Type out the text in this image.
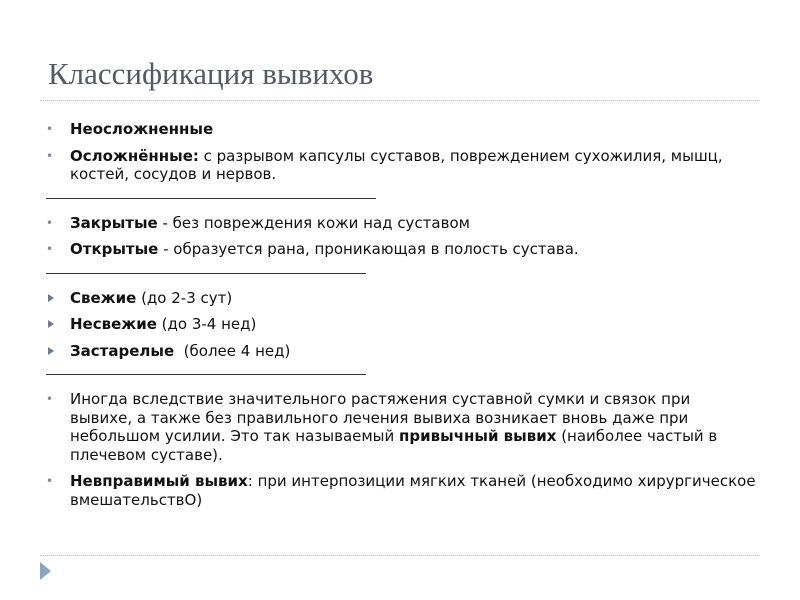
Классификация вывихов
• Неосложненные
• Осложнённые: с разрывом капсулы суставов, повреждением сухожилия, мышц, костей, сосудов и нервов.
• Закрытые - без повреждения кожи над суставом
• Открытые - образуется рана, проникающая в полость сустава.
Свежие (до 2-3 сут)
Несвежие (до 3-4 нед)
Застарелые  (более 4 нед)
• Иногда вследствие значительного растяжения суставной сумки и связок при вывихе, а также без правильного лечения вывиха возникает вновь даже при небольшом усилии. Это так называемый привычный вывих (наиболее частый в плечевом суставе).
• Невправимый вывих: при интерпозиции мягких тканей (необходимо хирургическое вмешательствО)
